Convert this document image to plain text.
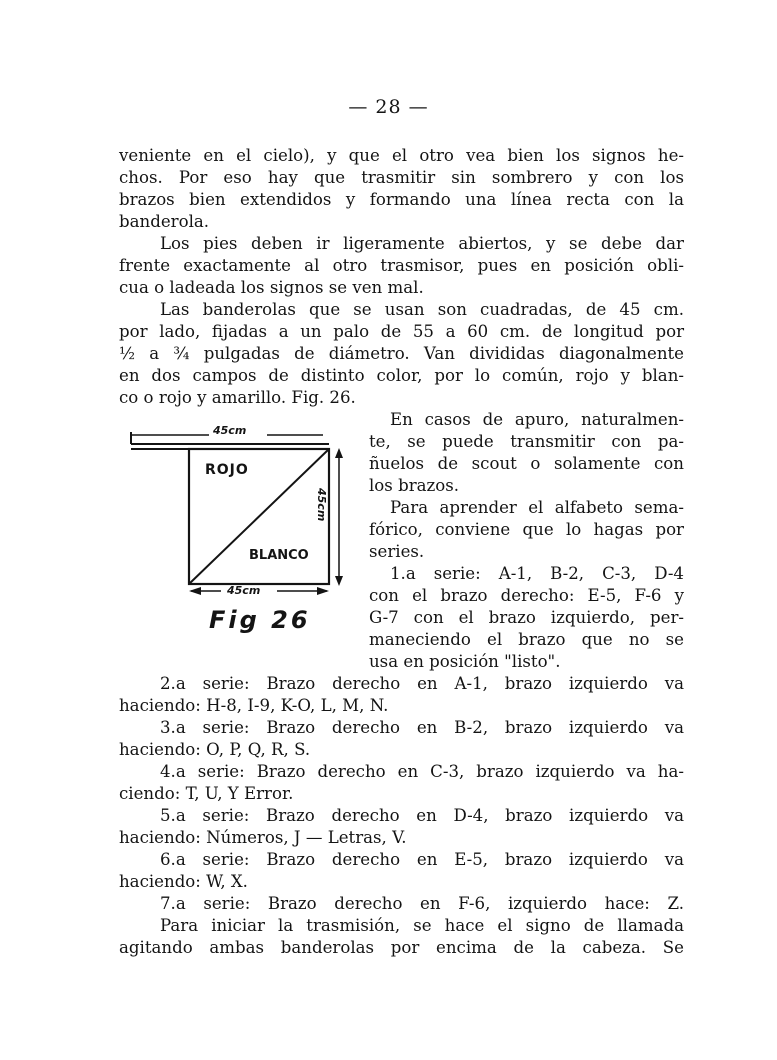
— 28 —
veniente en el cielo), y que el otro vea bien los signos he-
chos. Por eso hay que trasmitir sin sombrero y con los
brazos bien extendidos y formando una línea recta con la
banderola.
Los pies deben ir ligeramente abiertos, y se debe dar
frente exactamente al otro trasmisor, pues en posición obli-
cua o ladeada los signos se ven mal.
Las banderolas que se usan son cuadradas, de 45 cm.
por lado, fijadas a un palo de 55 a 60 cm. de longitud por
½ a ¾ pulgadas de diámetro. Van divididas diagonalmente
en dos campos de distinto color, por lo común, rojo y blan-
co o rojo y amarillo. Fig. 26.
En casos de apuro, naturalmen-
te, se puede transmitir con pa-
ñuelos de scout o solamente con
los brazos.
Para aprender el alfabeto sema-
fórico, conviene que lo hagas por
series.
1.a serie: A-1, B-2, C-3, D-4
con el brazo derecho: E-5, F-6 y
G-7 con el brazo izquierdo, per-
maneciendo el brazo que no se
usa en posición "listo".
2.a serie: Brazo derecho en A-1, brazo izquierdo va
haciendo: H-8, I-9, K-O, L, M, N.
3.a serie: Brazo derecho en B-2, brazo izquierdo va
haciendo: O, P, Q, R, S.
4.a serie: Brazo derecho en C-3, brazo izquierdo va ha-
ciendo: T, U, Y Error.
5.a serie: Brazo derecho en D-4, brazo izquierdo va
haciendo: Números, J — Letras, V.
6.a serie: Brazo derecho en E-5, brazo izquierdo va
haciendo: W, X.
7.a serie: Brazo derecho en F-6, izquierdo hace: Z.
Para iniciar la trasmisión, se hace el signo de llamada
agitando ambas banderolas por encima de la cabeza. Se
45cm
ROJO
BLANCO
45cm
45cm
Fig 26
